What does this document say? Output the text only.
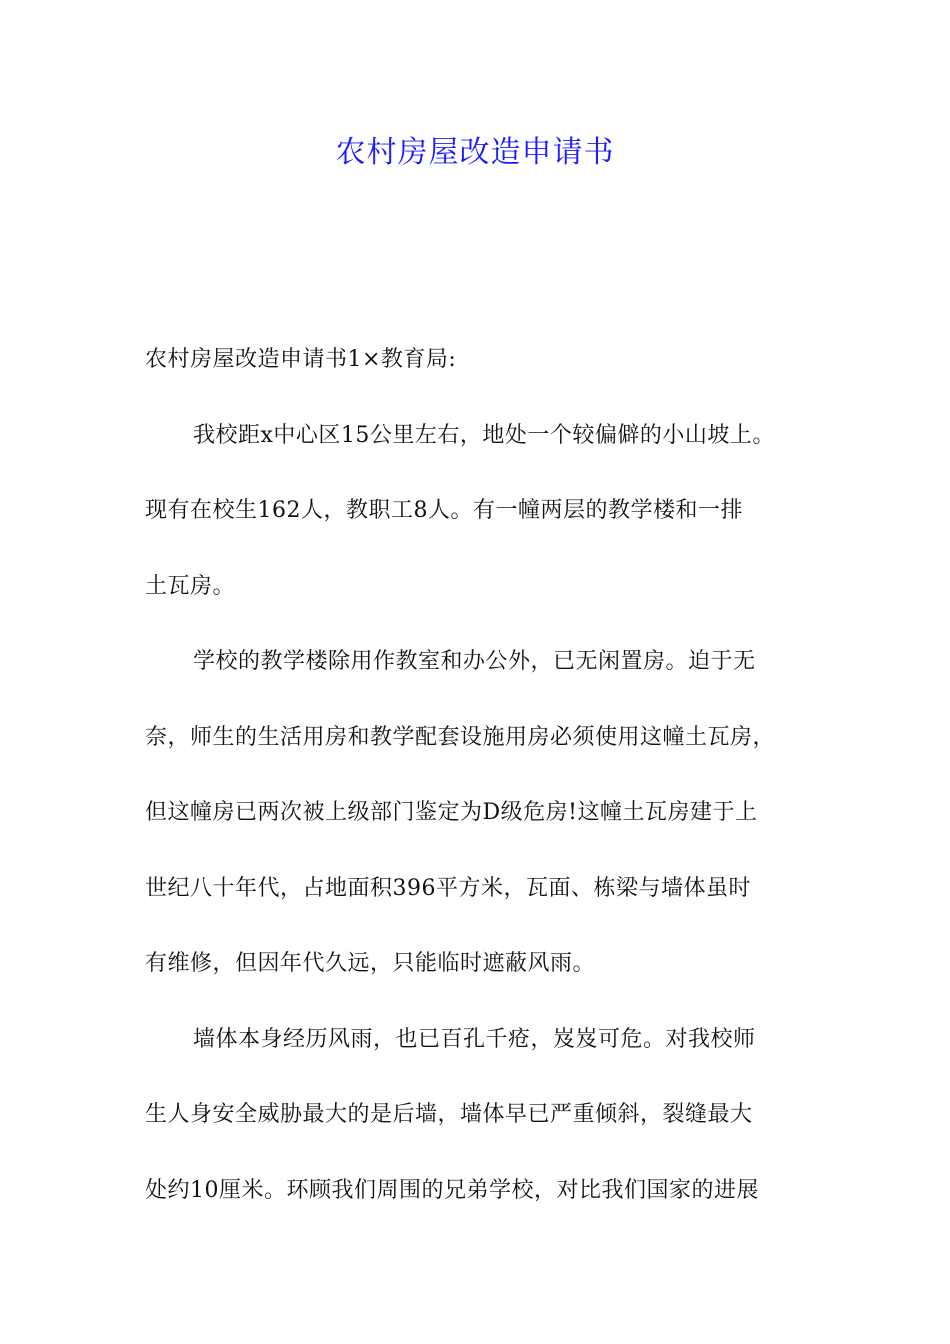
农村房屋改造申请书
农村房屋改造申请书1×教育局:
我校距x中心区15公里左右，地处一个较偏僻的小山坡上。
现有在校生162人，教职工8人。有一幢两层的教学楼和一排
土瓦房。
学校的教学楼除用作教室和办公外，已无闲置房。迫于无
奈，师生的生活用房和教学配套设施用房必须使用这幢土瓦房，
但这幢房已两次被上级部门鉴定为D级危房!这幢土瓦房建于上
世纪八十年代，占地面积396平方米，瓦面、栋梁与墙体虽时
有维修，但因年代久远，只能临时遮蔽风雨。
墙体本身经历风雨，也已百孔千疮，岌岌可危。对我校师
生人身安全威胁最大的是后墙，墙体早已严重倾斜，裂缝最大
处约10厘米。环顾我们周围的兄弟学校，对比我们国家的进展
